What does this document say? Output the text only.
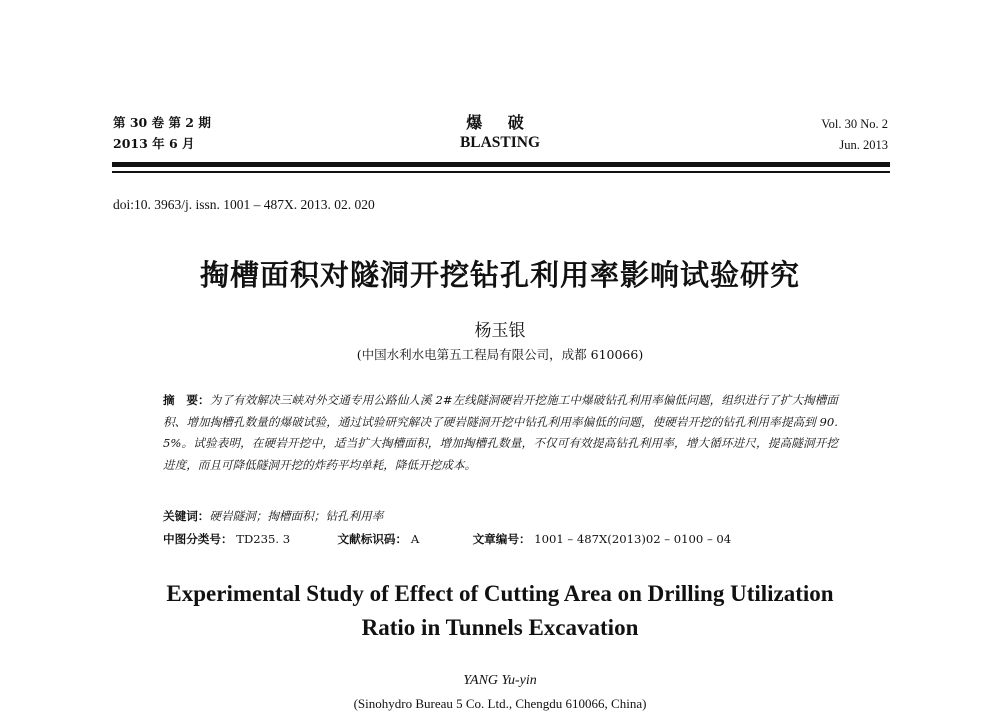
第 30 卷 第 2 期
2013 年 6 月
爆 破
BLASTING
Vol. 30 No. 2
Jun. 2013
doi:10. 3963/j. issn. 1001 – 487X. 2013. 02. 020
掏槽面积对隧洞开挖钻孔利用率影响试验研究
杨玉银
(中国水利水电第五工程局有限公司，成都 610066)
摘　要：为了有效解决三峡对外交通专用公路仙人溪 2#左线隧洞硬岩开挖施工中爆破钻孔利用率偏低问题，组织进行了扩大掏槽面积、增加掏槽孔数量的爆破试验，通过试验研究解决了硬岩隧洞开挖中钻孔利用率偏低的问题，使硬岩开挖的钻孔利用率提高到 90. 5%。试验表明，在硬岩开挖中，适当扩大掏槽面积，增加掏槽孔数量，不仅可有效提高钻孔利用率，增大循环进尺，提高隧洞开挖进度，而且可降低隧洞开挖的炸药平均单耗，降低开挖成本。
关键词：硬岩隧洞；掏槽面积；钻孔利用率
中图分类号： TD235. 3	文献标识码： A	文章编号： 1001 – 487X(2013)02 – 0100 – 04
Experimental Study of Effect of Cutting Area on Drilling Utilization
Ratio in Tunnels Excavation
YANG Yu-yin
(Sinohydro Bureau 5 Co. Ltd., Chengdu 610066, China)
